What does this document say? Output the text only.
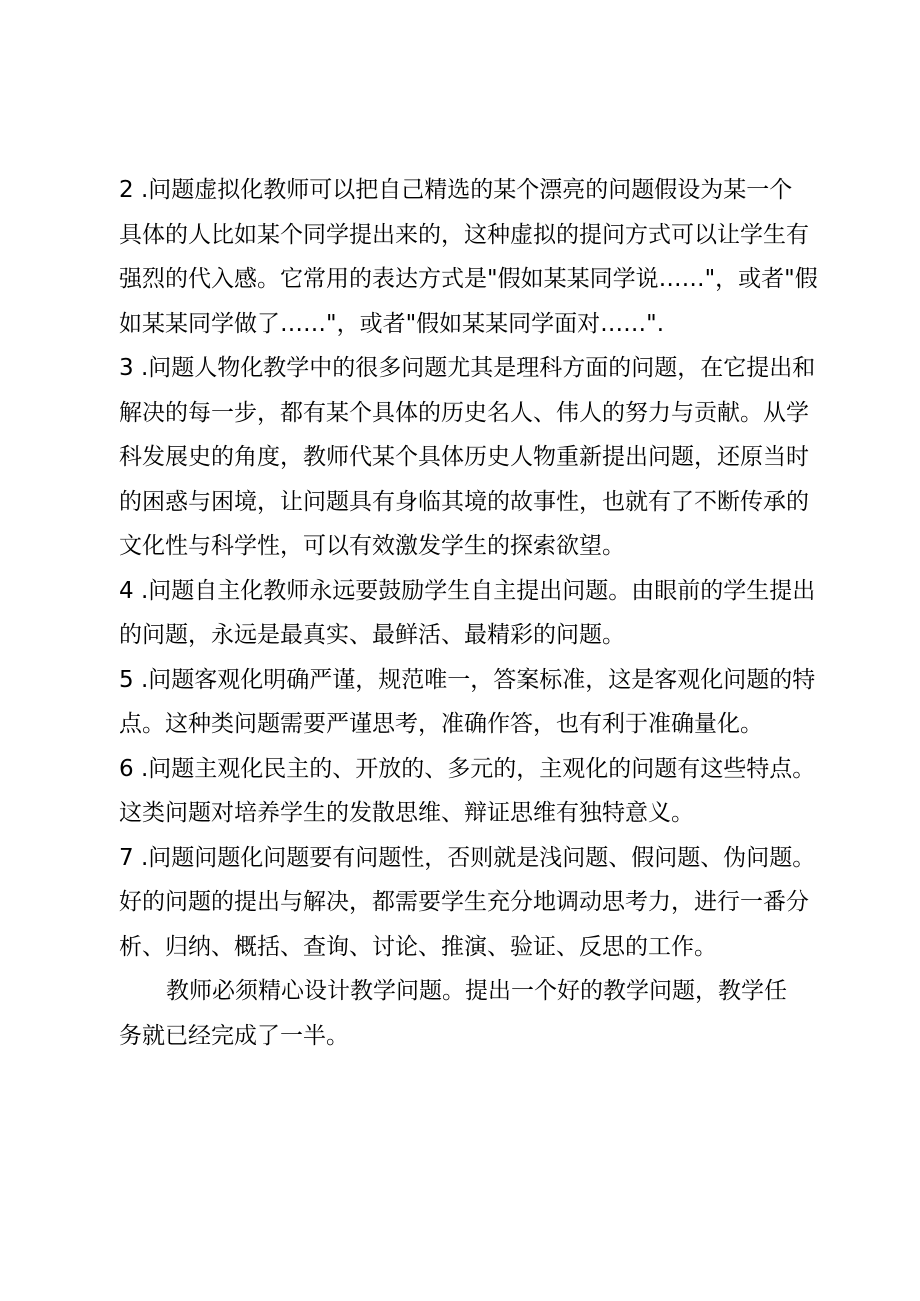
2 .问题虚拟化教师可以把自己精选的某个漂亮的问题假设为某一个
具体的人比如某个同学提出来的，这种虚拟的提问方式可以让学生有
强烈的代入感。它常用的表达方式是"假如某某同学说……"，或者"假
如某某同学做了……"，或者"假如某某同学面对……".
3 .问题人物化教学中的很多问题尤其是理科方面的问题，在它提出和
解决的每一步，都有某个具体的历史名人、伟人的努力与贡献。从学
科发展史的角度，教师代某个具体历史人物重新提出问题，还原当时
的困惑与困境，让问题具有身临其境的故事性，也就有了不断传承的
文化性与科学性，可以有效激发学生的探索欲望。
4 .问题自主化教师永远要鼓励学生自主提出问题。由眼前的学生提出
的问题，永远是最真实、最鲜活、最精彩的问题。
5 .问题客观化明确严谨，规范唯一，答案标准，这是客观化问题的特
点。这种类问题需要严谨思考，准确作答，也有利于准确量化。
6 .问题主观化民主的、开放的、多元的，主观化的问题有这些特点。
这类问题对培养学生的发散思维、辩证思维有独特意义。
7 .问题问题化问题要有问题性，否则就是浅问题、假问题、伪问题。
好的问题的提出与解决，都需要学生充分地调动思考力，进行一番分
析、归纳、概括、查询、讨论、推演、验证、反思的工作。
教师必须精心设计教学问题。提出一个好的教学问题，教学任
务就已经完成了一半。
